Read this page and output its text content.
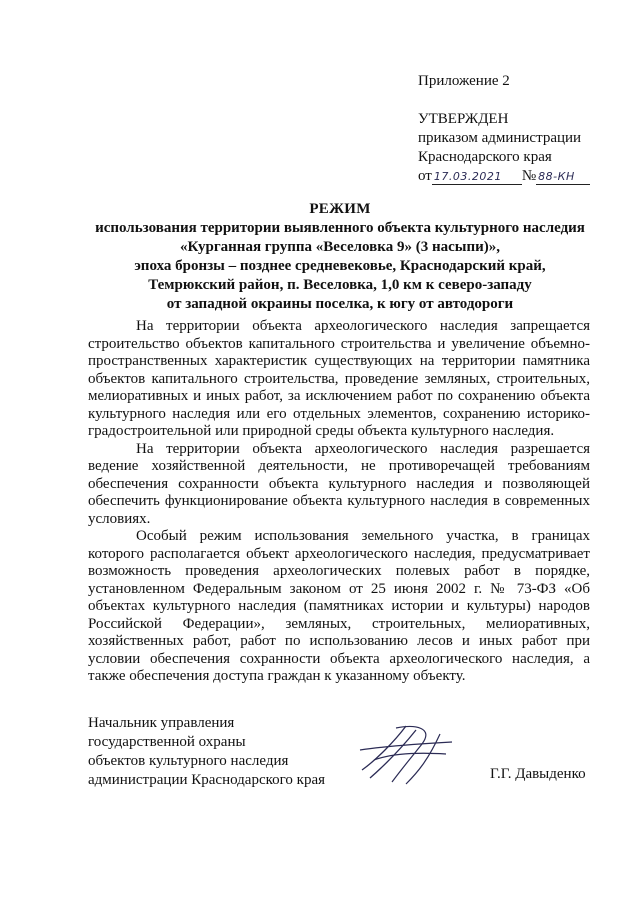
Приложение 2
УТВЕРЖДЕН
приказом администрации
Краснодарского края
от 17.03.2021 № 88-КН
РЕЖИМ
использования территории выявленного объекта культурного наследия
«Курганная группа «Веселовка 9» (3 насыпи)»,
эпоха бронзы – позднее средневековье, Краснодарский край,
Темрюкский район, п. Веселовка, 1,0 км к северо-западу
от западной окраины поселка, к югу от автодороги

На территории объекта археологического наследия запрещается строительство объектов капитального строительства и увеличение объемно-пространственных характеристик существующих на территории памятника объектов капитального строительства, проведение земляных, строительных, мелиоративных и иных работ, за исключением работ по сохранению объекта культурного наследия или его отдельных элементов, сохранению историко-градостроительной или природной среды объекта культурного наследия.

На территории объекта археологического наследия разрешается ведение хозяйственной деятельности, не противоречащей требованиям обеспечения сохранности объекта культурного наследия и позволяющей обеспечить функционирование объекта культурного наследия в современных условиях.

Особый режим использования земельного участка, в границах которого располагается объект археологического наследия, предусматривает возможность проведения археологических полевых работ в порядке, установленном Федеральным законом от 25 июня 2002 г. № 73-ФЗ «Об объектах культурного наследия (памятниках истории и культуры) народов Российской Федерации», земляных, строительных, мелиоративных, хозяйственных работ, работ по использованию лесов и иных работ при условии обеспечения сохранности объекта археологического наследия, а также обеспечения доступа граждан к указанному объекту.

Начальник управления
государственной охраны
объектов культурного наследия
администрации Краснодарского края	Г.Г. Давыденко
